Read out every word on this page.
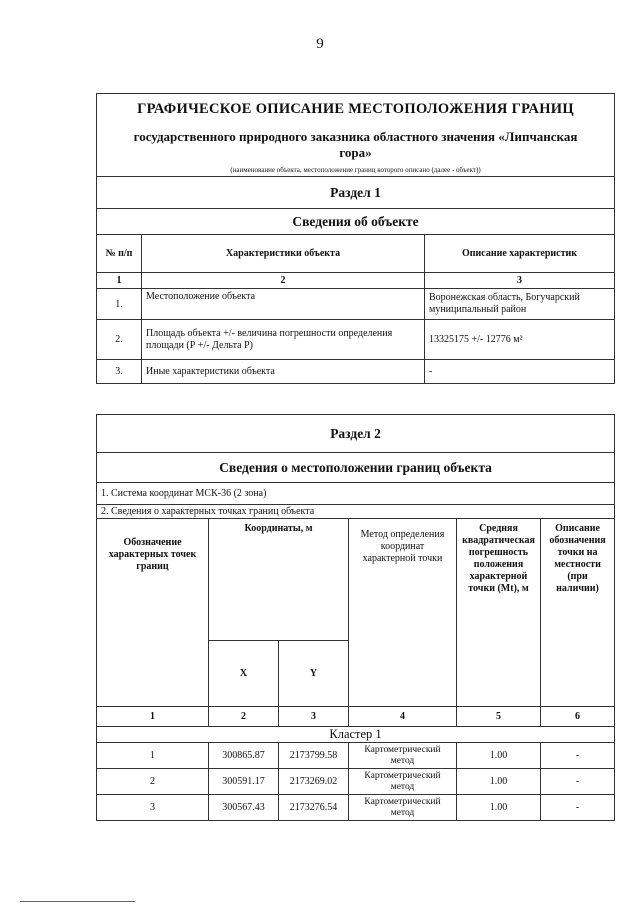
9
ГРАФИЧЕСКОЕ ОПИСАНИЕ МЕСТОПОЛОЖЕНИЯ ГРАНИЦ		
государственного природного заказника областного значения «Липчанская
гора»		
(наименование объекта, местоположение границ которого описано (далее - объект))		
Раздел 1		
Сведения об объекте		
№ п/п	Характеристики объекта	Описание характеристик
1	2	3
1.	Местоположение объекта	Воронежская область, Богучарский муниципальный район
2.	Площадь объекта +/- величина погрешности определения площади (Р +/- Дельта Р)	13325175 +/- 12776 м²
3.	Иные характеристики объекта	-
Раздел 2					
Сведения о местоположении границ объекта					
1. Система координат МСК-36 (2 зона)					
2. Сведения о характерных точках границ объекта					
Обозначение характерных точек границ	Координаты, м		Метод определения координат характерной точки	Средняя квадратическая погрешность положения характерной точки (Мt), м	Описание обозначения точки на местности (при наличии)
	X	Y			
1	2	3	4	5	6
Кластер 1					
1	300865.87	2173799.58	Картометрический метод	1.00	-
2	300591.17	2173269.02	Картометрический метод	1.00	-
3	300567.43	2173276.54	Картометрический метод	1.00	-
